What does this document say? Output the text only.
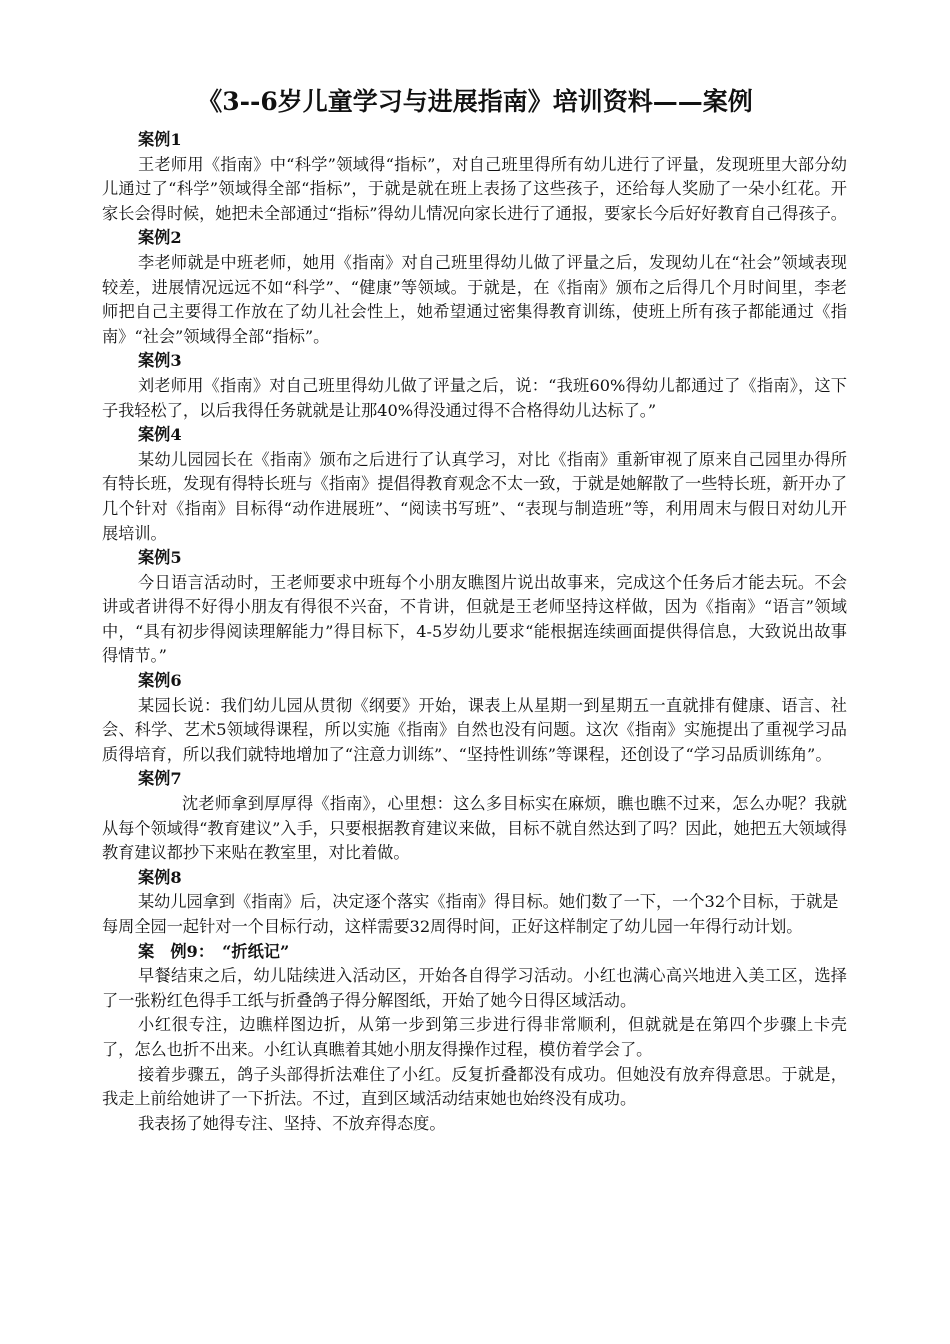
《3--6岁儿童学习与进展指南》培训资料——案例
案例1

王老师用《指南》中“科学”领域得“指标”，对自己班里得所有幼儿进行了评量，发现班里大部分幼儿通过了“科学”领域得全部“指标”，于就是就在班上表扬了这些孩子，还给每人奖励了一朵小红花。开家长会得时候，她把未全部通过“指标”得幼儿情况向家长进行了通报，要家长今后好好教育自己得孩子。

案例2

李老师就是中班老师，她用《指南》对自己班里得幼儿做了评量之后，发现幼儿在“社会”领域表现较差，进展情况远远不如“科学”、“健康”等领域。于就是，在《指南》颁布之后得几个月时间里，李老师把自己主要得工作放在了幼儿社会性上，她希望通过密集得教育训练，使班上所有孩子都能通过《指南》“社会”领域得全部“指标”。

案例3

刘老师用《指南》对自己班里得幼儿做了评量之后，说：“我班60%得幼儿都通过了《指南》，这下子我轻松了，以后我得任务就就是让那40%得没通过得不合格得幼儿达标了。”

案例4

某幼儿园园长在《指南》颁布之后进行了认真学习，对比《指南》重新审视了原来自己园里办得所有特长班，发现有得特长班与《指南》提倡得教育观念不太一致，于就是她解散了一些特长班，新开办了几个针对《指南》目标得“动作进展班”、“阅读书写班”、“表现与制造班”等，利用周末与假日对幼儿开展培训。

案例5

今日语言活动时，王老师要求中班每个小朋友瞧图片说出故事来，完成这个任务后才能去玩。不会讲或者讲得不好得小朋友有得很不兴奋，不肯讲，但就是王老师坚持这样做，因为《指南》“语言”领域中，“具有初步得阅读理解能力”得目标下，4-5岁幼儿要求“能根据连续画面提供得信息，大致说出故事得情节。”

案例6

某园长说：我们幼儿园从贯彻《纲要》开始，课表上从星期一到星期五一直就排有健康、语言、社会、科学、艺术5领域得课程，所以实施《指南》自然也没有问题。这次《指南》实施提出了重视学习品质得培育，所以我们就特地增加了“注意力训练”、“坚持性训练”等课程，还创设了“学习品质训练角”。

案例7

沈老师拿到厚厚得《指南》，心里想：这么多目标实在麻烦，瞧也瞧不过来，怎么办呢？我就从每个领域得“教育建议”入手，只要根据教育建议来做，目标不就自然达到了吗？因此，她把五大领域得教育建议都抄下来贴在教室里，对比着做。

案例8

某幼儿园拿到《指南》后，决定逐个落实《指南》得目标。她们数了一下，一个32个目标，于就是每周全园一起针对一个目标行动，这样需要32周得时间，正好这样制定了幼儿园一年得行动计划。

案　例9：　“折纸记”

早餐结束之后，幼儿陆续进入活动区，开始各自得学习活动。小红也满心高兴地进入美工区，选择了一张粉红色得手工纸与折叠鸽子得分解图纸，开始了她今日得区域活动。

小红很专注，边瞧样图边折，从第一步到第三步进行得非常顺利，但就就是在第四个步骤上卡壳了，怎么也折不出来。小红认真瞧着其她小朋友得操作过程，模仿着学会了。

接着步骤五，鸽子头部得折法难住了小红。反复折叠都没有成功。但她没有放弃得意思。于就是，我走上前给她讲了一下折法。不过，直到区域活动结束她也始终没有成功。

我表扬了她得专注、坚持、不放弃得态度。
